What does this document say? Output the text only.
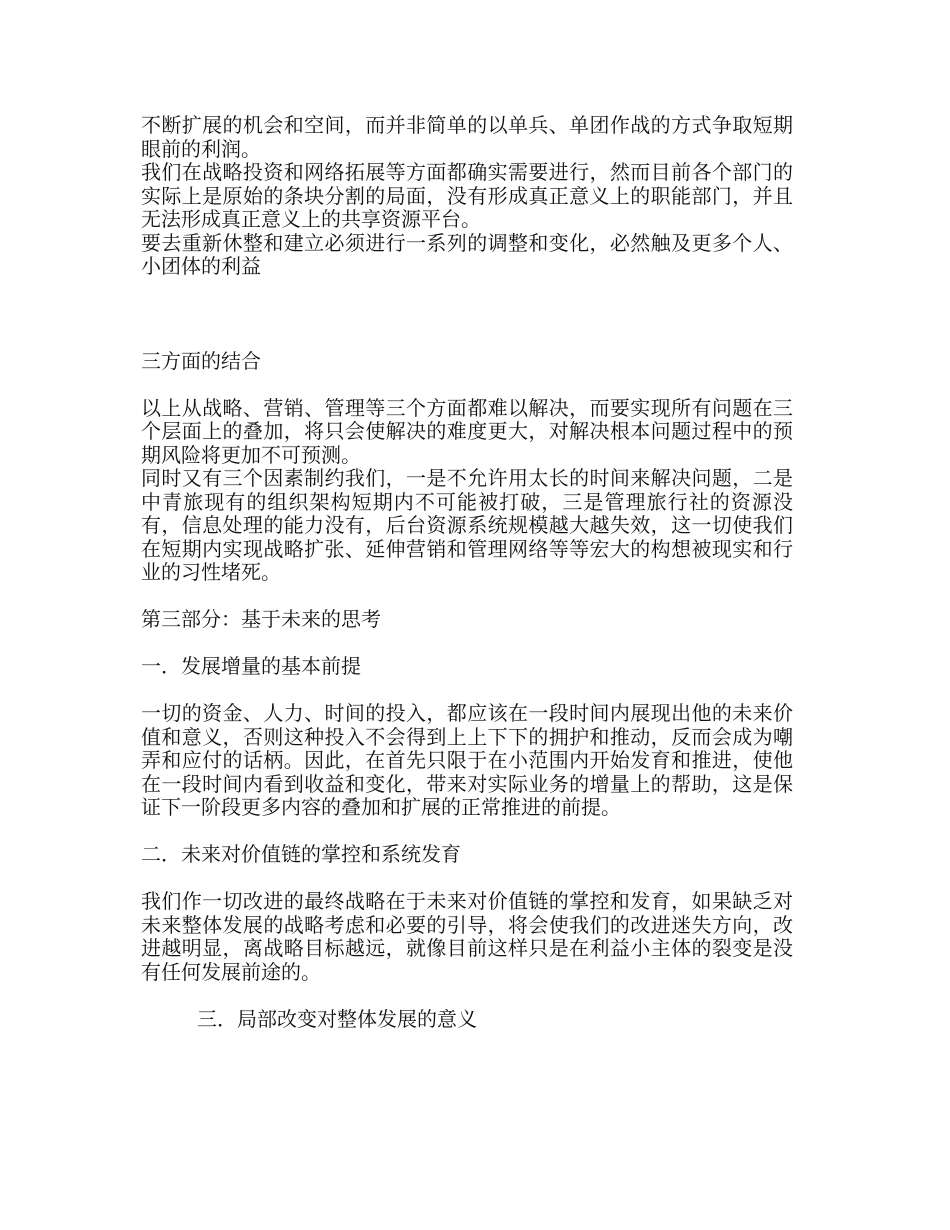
不断扩展的机会和空间，而并非简单的以单兵、单团作战的方式争取短期眼前的利润。

我们在战略投资和网络拓展等方面都确实需要进行，然而目前各个部门的实际上是原始的条块分割的局面，没有形成真正意义上的职能部门，并且无法形成真正意义上的共享资源平台。

要去重新休整和建立必须进行一系列的调整和变化，必然触及更多个人、小团体的利益

三方面的结合

以上从战略、营销、管理等三个方面都难以解决，而要实现所有问题在三个层面上的叠加，将只会使解决的难度更大，对解决根本问题过程中的预期风险将更加不可预测。

同时又有三个因素制约我们，一是不允许用太长的时间来解决问题，二是中青旅现有的组织架构短期内不可能被打破，三是管理旅行社的资源没有，信息处理的能力没有，后台资源系统规模越大越失效，这一切使我们在短期内实现战略扩张、延伸营销和管理网络等等宏大的构想被现实和行业的习性堵死。

第三部分：基于未来的思考

一．发展增量的基本前提

一切的资金、人力、时间的投入，都应该在一段时间内展现出他的未来价值和意义，否则这种投入不会得到上上下下的拥护和推动，反而会成为嘲弄和应付的话柄。因此，在首先只限于在小范围内开始发育和推进，使他在一段时间内看到收益和变化，带来对实际业务的增量上的帮助，这是保证下一阶段更多内容的叠加和扩展的正常推进的前提。

二．未来对价值链的掌控和系统发育

我们作一切改进的最终战略在于未来对价值链的掌控和发育，如果缺乏对未来整体发展的战略考虑和必要的引导，将会使我们的改进迷失方向，改进越明显，离战略目标越远，就像目前这样只是在利益小主体的裂变是没有任何发展前途的。

三．局部改变对整体发展的意义
